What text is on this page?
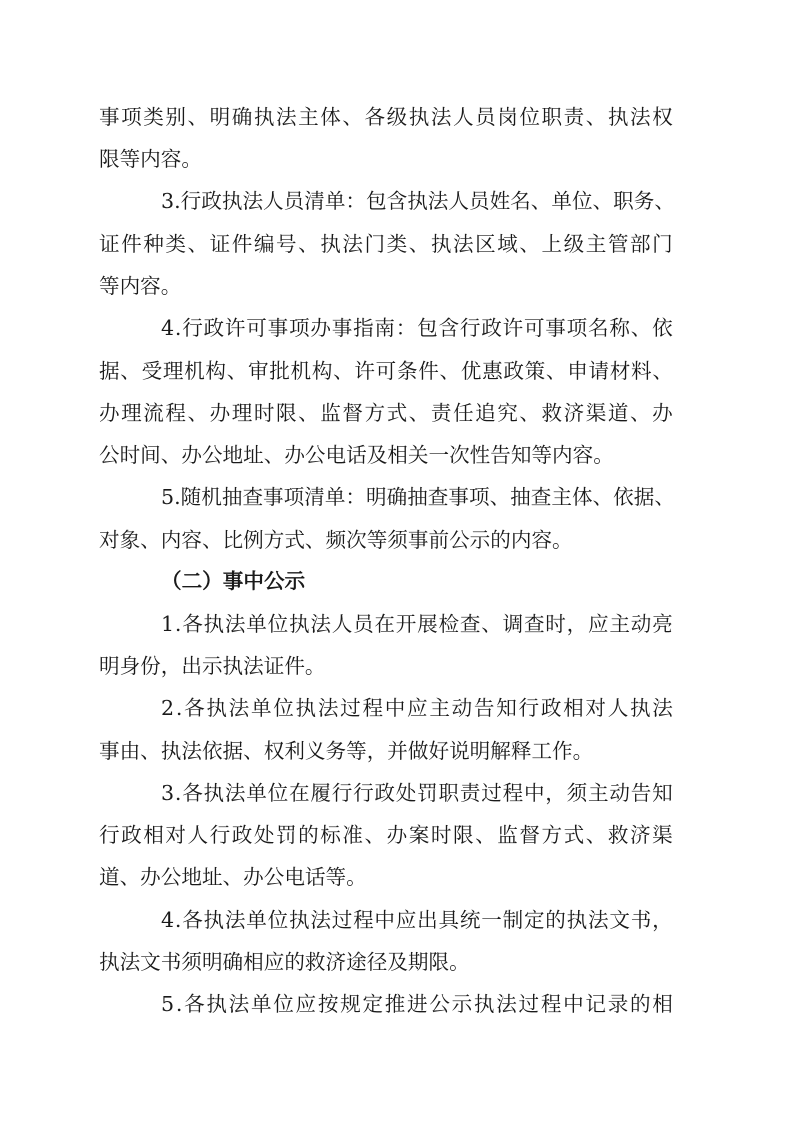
事 项 类 别 、 明 确 执 法 主 体 、 各 级 执 法 人 员 岗 位 职 责 、 执 法 权
限等内容。
3 . 行 政 执 法 人 员 清 单 ： 包 含 执 法 人 员 姓 名 、 单 位 、 职 务 、
证 件 种 类 、 证 件 编 号 、 执 法 门 类 、 执 法 区 域 、 上 级 主 管 部 门
等内容。
4 . 行 政 许 可 事 项 办 事 指 南 ： 包 含 行 政 许 可 事 项 名 称 、 依
据 、 受 理 机 构 、 审 批 机 构 、 许 可 条 件 、 优 惠 政 策 、 申 请 材 料 、
办 理 流 程 、 办 理 时 限 、 监 督 方 式 、 责 任 追 究 、 救 济 渠 道 、 办
公时间、办公地址、办公电话及相关一次性告知等内容。
5 . 随 机 抽 查 事 项 清 单 ： 明 确 抽 查 事 项 、 抽 查 主 体 、 依 据 、
对象、内容、比例方式、频次等须事前公示的内容。
（二）事中公示
1 . 各 执 法 单 位 执 法 人 员 在 开 展 检 查 、 调 查 时 ， 应 主 动 亮
明身份，出示执法证件。
2 . 各 执 法 单 位 执 法 过 程 中 应 主 动 告 知 行 政 相 对 人 执 法
事由、执法依据、权利义务等，并做好说明解释工作。
3 . 各 执 法 单 位 在 履 行 行 政 处 罚 职 责 过 程 中 ， 须 主 动 告 知
行 政 相 对 人 行 政 处 罚 的 标 准 、 办 案 时 限 、 监 督 方 式 、 救 济 渠
道、办公地址、办公电话等。
4 . 各 执 法 单 位 执 法 过 程 中 应 出 具 统 一 制 定 的 执 法 文 书 ，
执法文书须明确相应的救济途径及期限。
5 . 各 执 法 单 位 应 按 规 定 推 进 公 示 执 法 过 程 中 记 录 的 相
